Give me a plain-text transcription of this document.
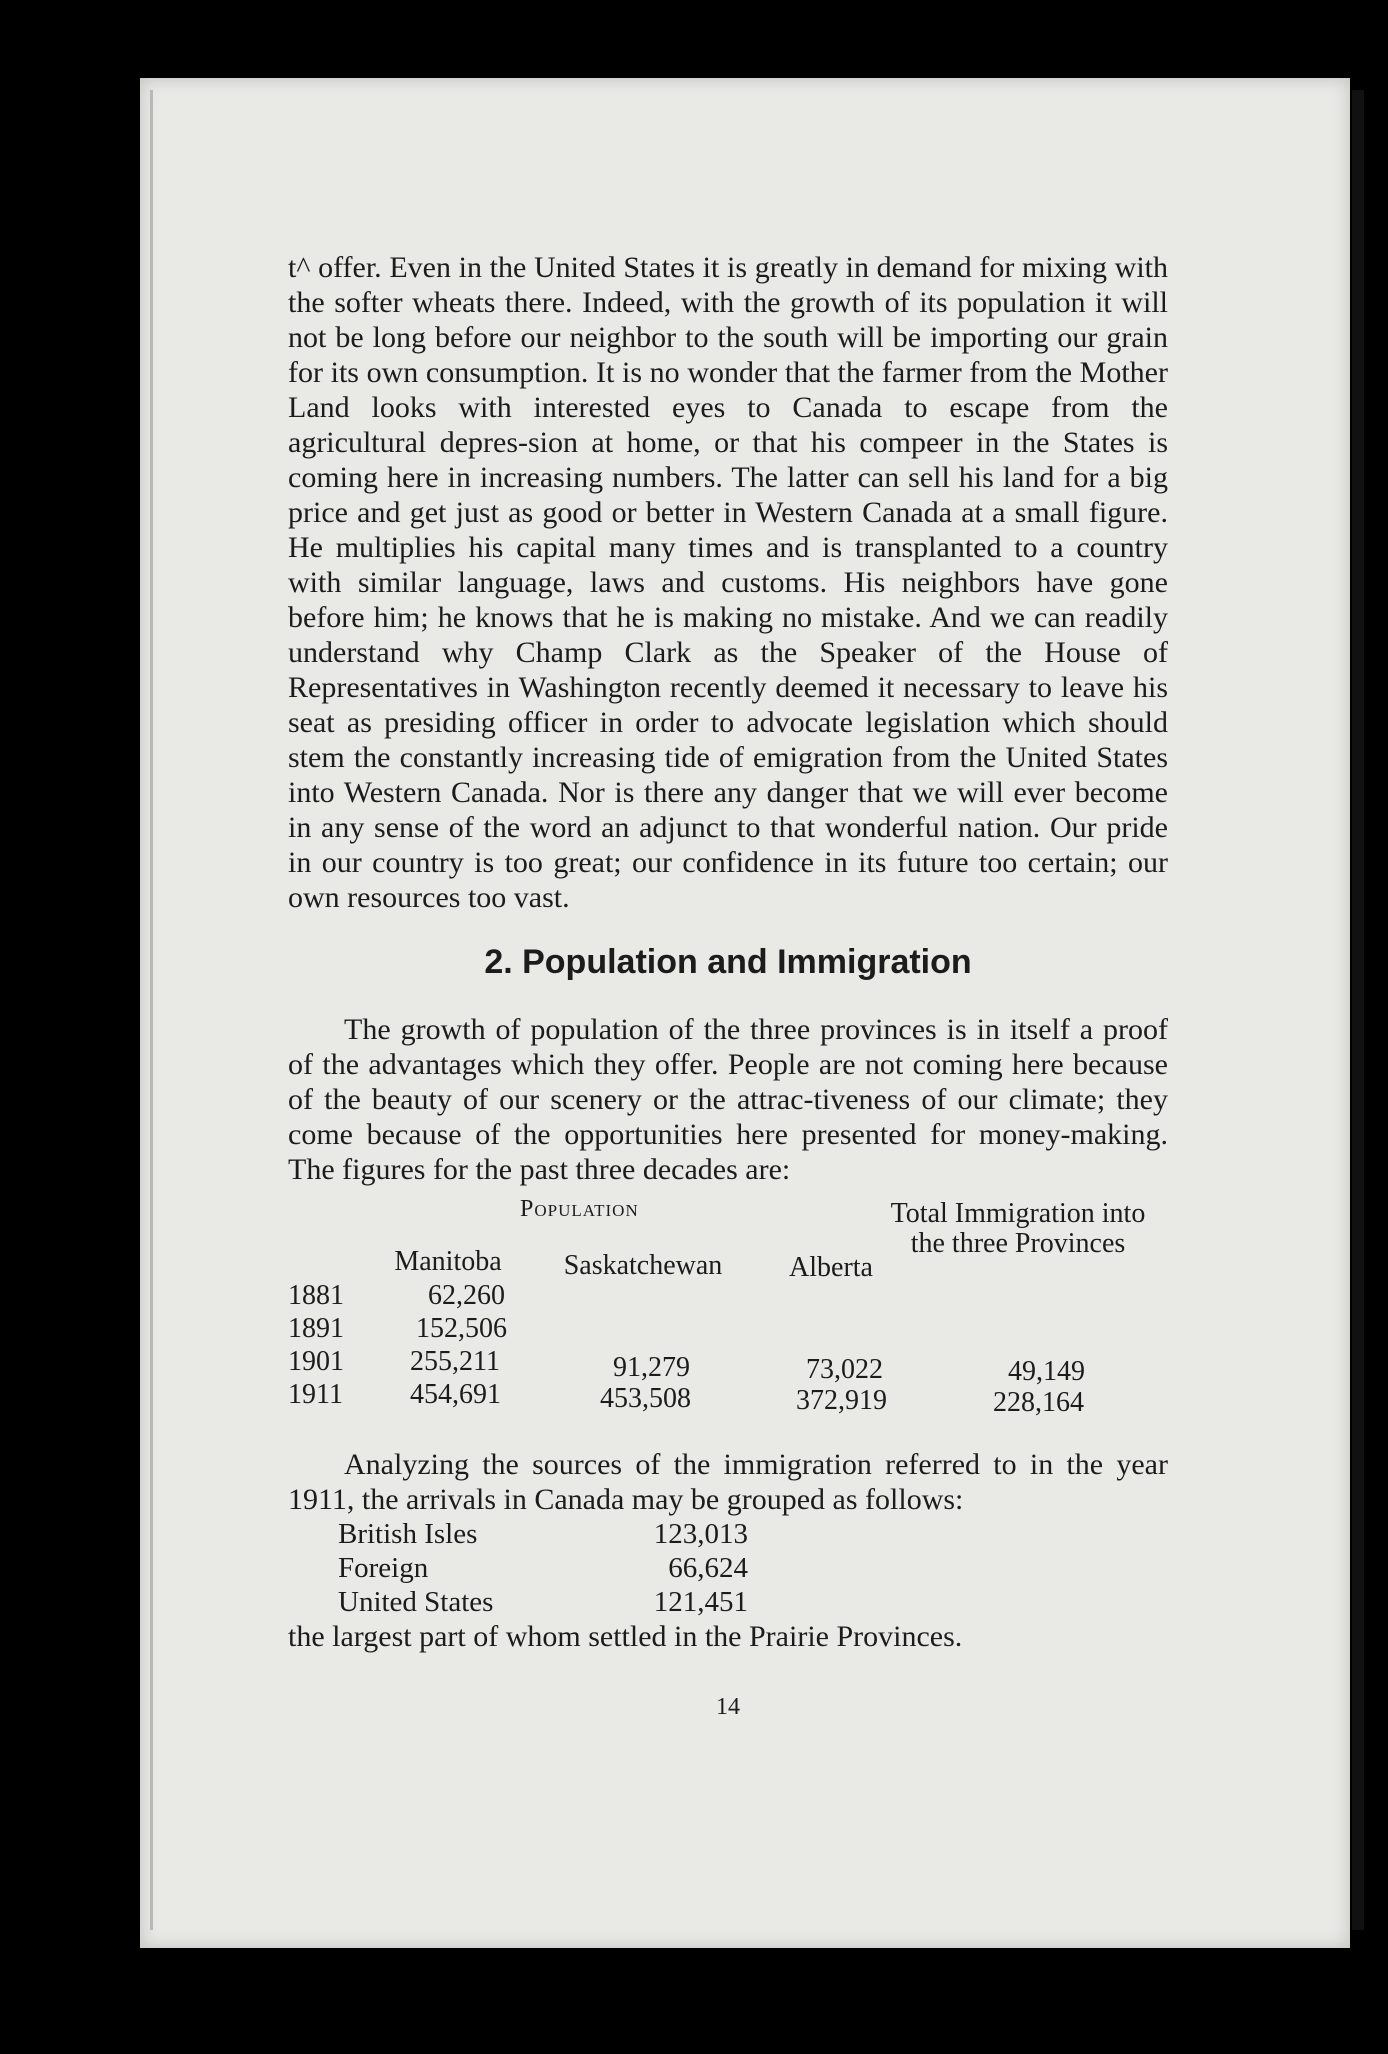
t^ offer. Even in the United States it is greatly in demand for mixing with the softer wheats there. Indeed, with the growth of its population it will not be long before our neighbor to the south will be importing our grain for its own consumption. It is no wonder that the farmer from the Mother Land looks with interested eyes to Canada to escape from the agricultural depres-sion at home, or that his compeer in the States is coming here in increasing numbers. The latter can sell his land for a big price and get just as good or better in Western Canada at a small figure. He multiplies his capital many times and is transplanted to a country with similar language, laws and customs. His neighbors have gone before him; he knows that he is making no mistake. And we can readily understand why Champ Clark as the Speaker of the House of Representatives in Washington recently deemed it necessary to leave his seat as presiding officer in order to advocate legislation which should stem the constantly increasing tide of emigration from the United States into Western Canada. Nor is there any danger that we will ever become in any sense of the word an adjunct to that wonderful nation. Our pride in our country is too great; our confidence in its future too certain; our own resources too vast.

2. Population and Immigration

The growth of population of the three provinces is in itself a proof of the advantages which they offer. People are not coming here because of the beauty of our scenery or the attrac-tiveness of our climate; they come because of the opportunities here presented for money-making. The figures for the past three decades are:

Population	Total Immigration into the three Provinces
Manitoba	Saskatchewan	Alberta
1881	62,260
1891	152,506
1901 255,211	91,279	73,022	49,149
1911 454,691	453,508	372,919	228,164

Analyzing the sources of the immigration referred to in the year 1911, the arrivals in Canada may be grouped as follows:

British Isles	123,013
Foreign	66,624
United States	121,451

the largest part of whom settled in the Prairie Provinces.

14
